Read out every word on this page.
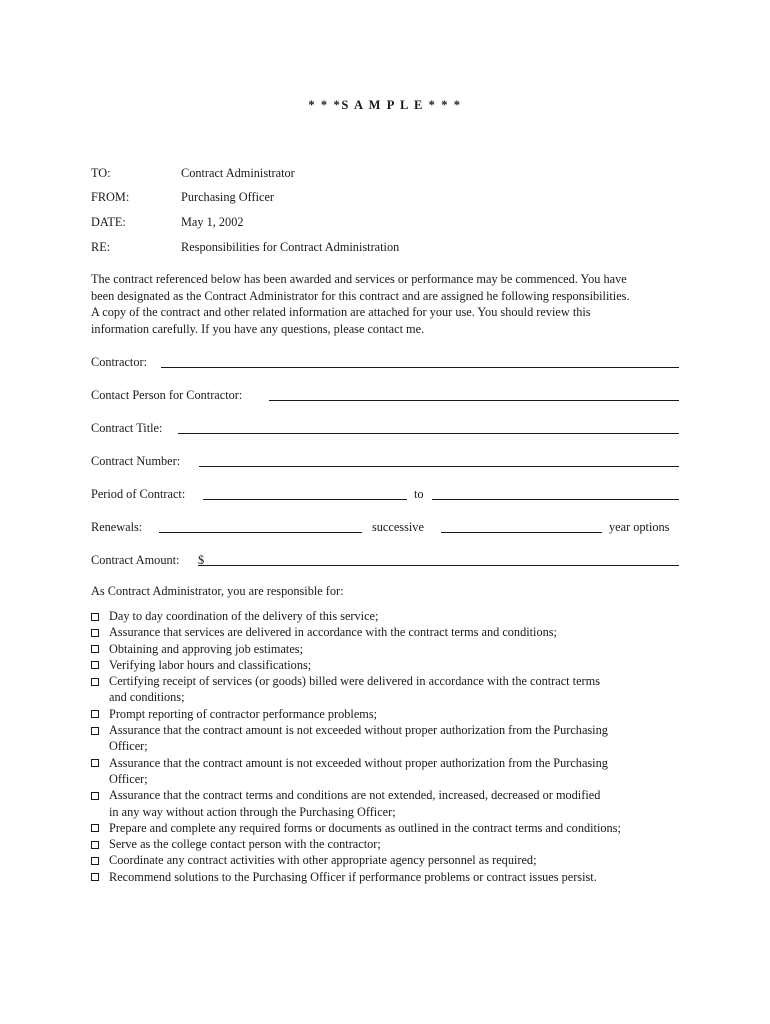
* * *S A M P L E * * *
TO:	Contract Administrator
FROM:	Purchasing Officer
DATE:	May 1, 2002
RE:	Responsibilities for Contract Administration

The contract referenced below has been awarded and services or performance may be commenced. You have
been designated as the Contract Administrator for this contract and are assigned he following responsibilities.
A copy of the contract and other related information are attached for your use. You should review this
information carefully. If you have any questions, please contact me.

Contractor:
Contact Person for Contractor:
Contract Title:
Contract Number:
Period of Contract:	to
Renewals:	successive	year options
Contract Amount: $
As Contract Administrator, you are responsible for:
Day to day coordination of the delivery of this service;
Assurance that services are delivered in accordance with the contract terms and conditions;
Obtaining and approving job estimates;
Verifying labor hours and classifications;
Certifying receipt of services (or goods) billed were delivered in accordance with the contract terms
and conditions;
Prompt reporting of contractor performance problems;
Assurance that the contract amount is not exceeded without proper authorization from the Purchasing
Officer;
Assurance that the contract amount is not exceeded without proper authorization from the Purchasing
Officer;
Assurance that the contract terms and conditions are not extended, increased, decreased or modified
in any way without action through the Purchasing Officer;
Prepare and complete any required forms or documents as outlined in the contract terms and conditions;
Serve as the college contact person with the contractor;
Coordinate any contract activities with other appropriate agency personnel as required;
Recommend solutions to the Purchasing Officer if performance problems or contract issues persist.
